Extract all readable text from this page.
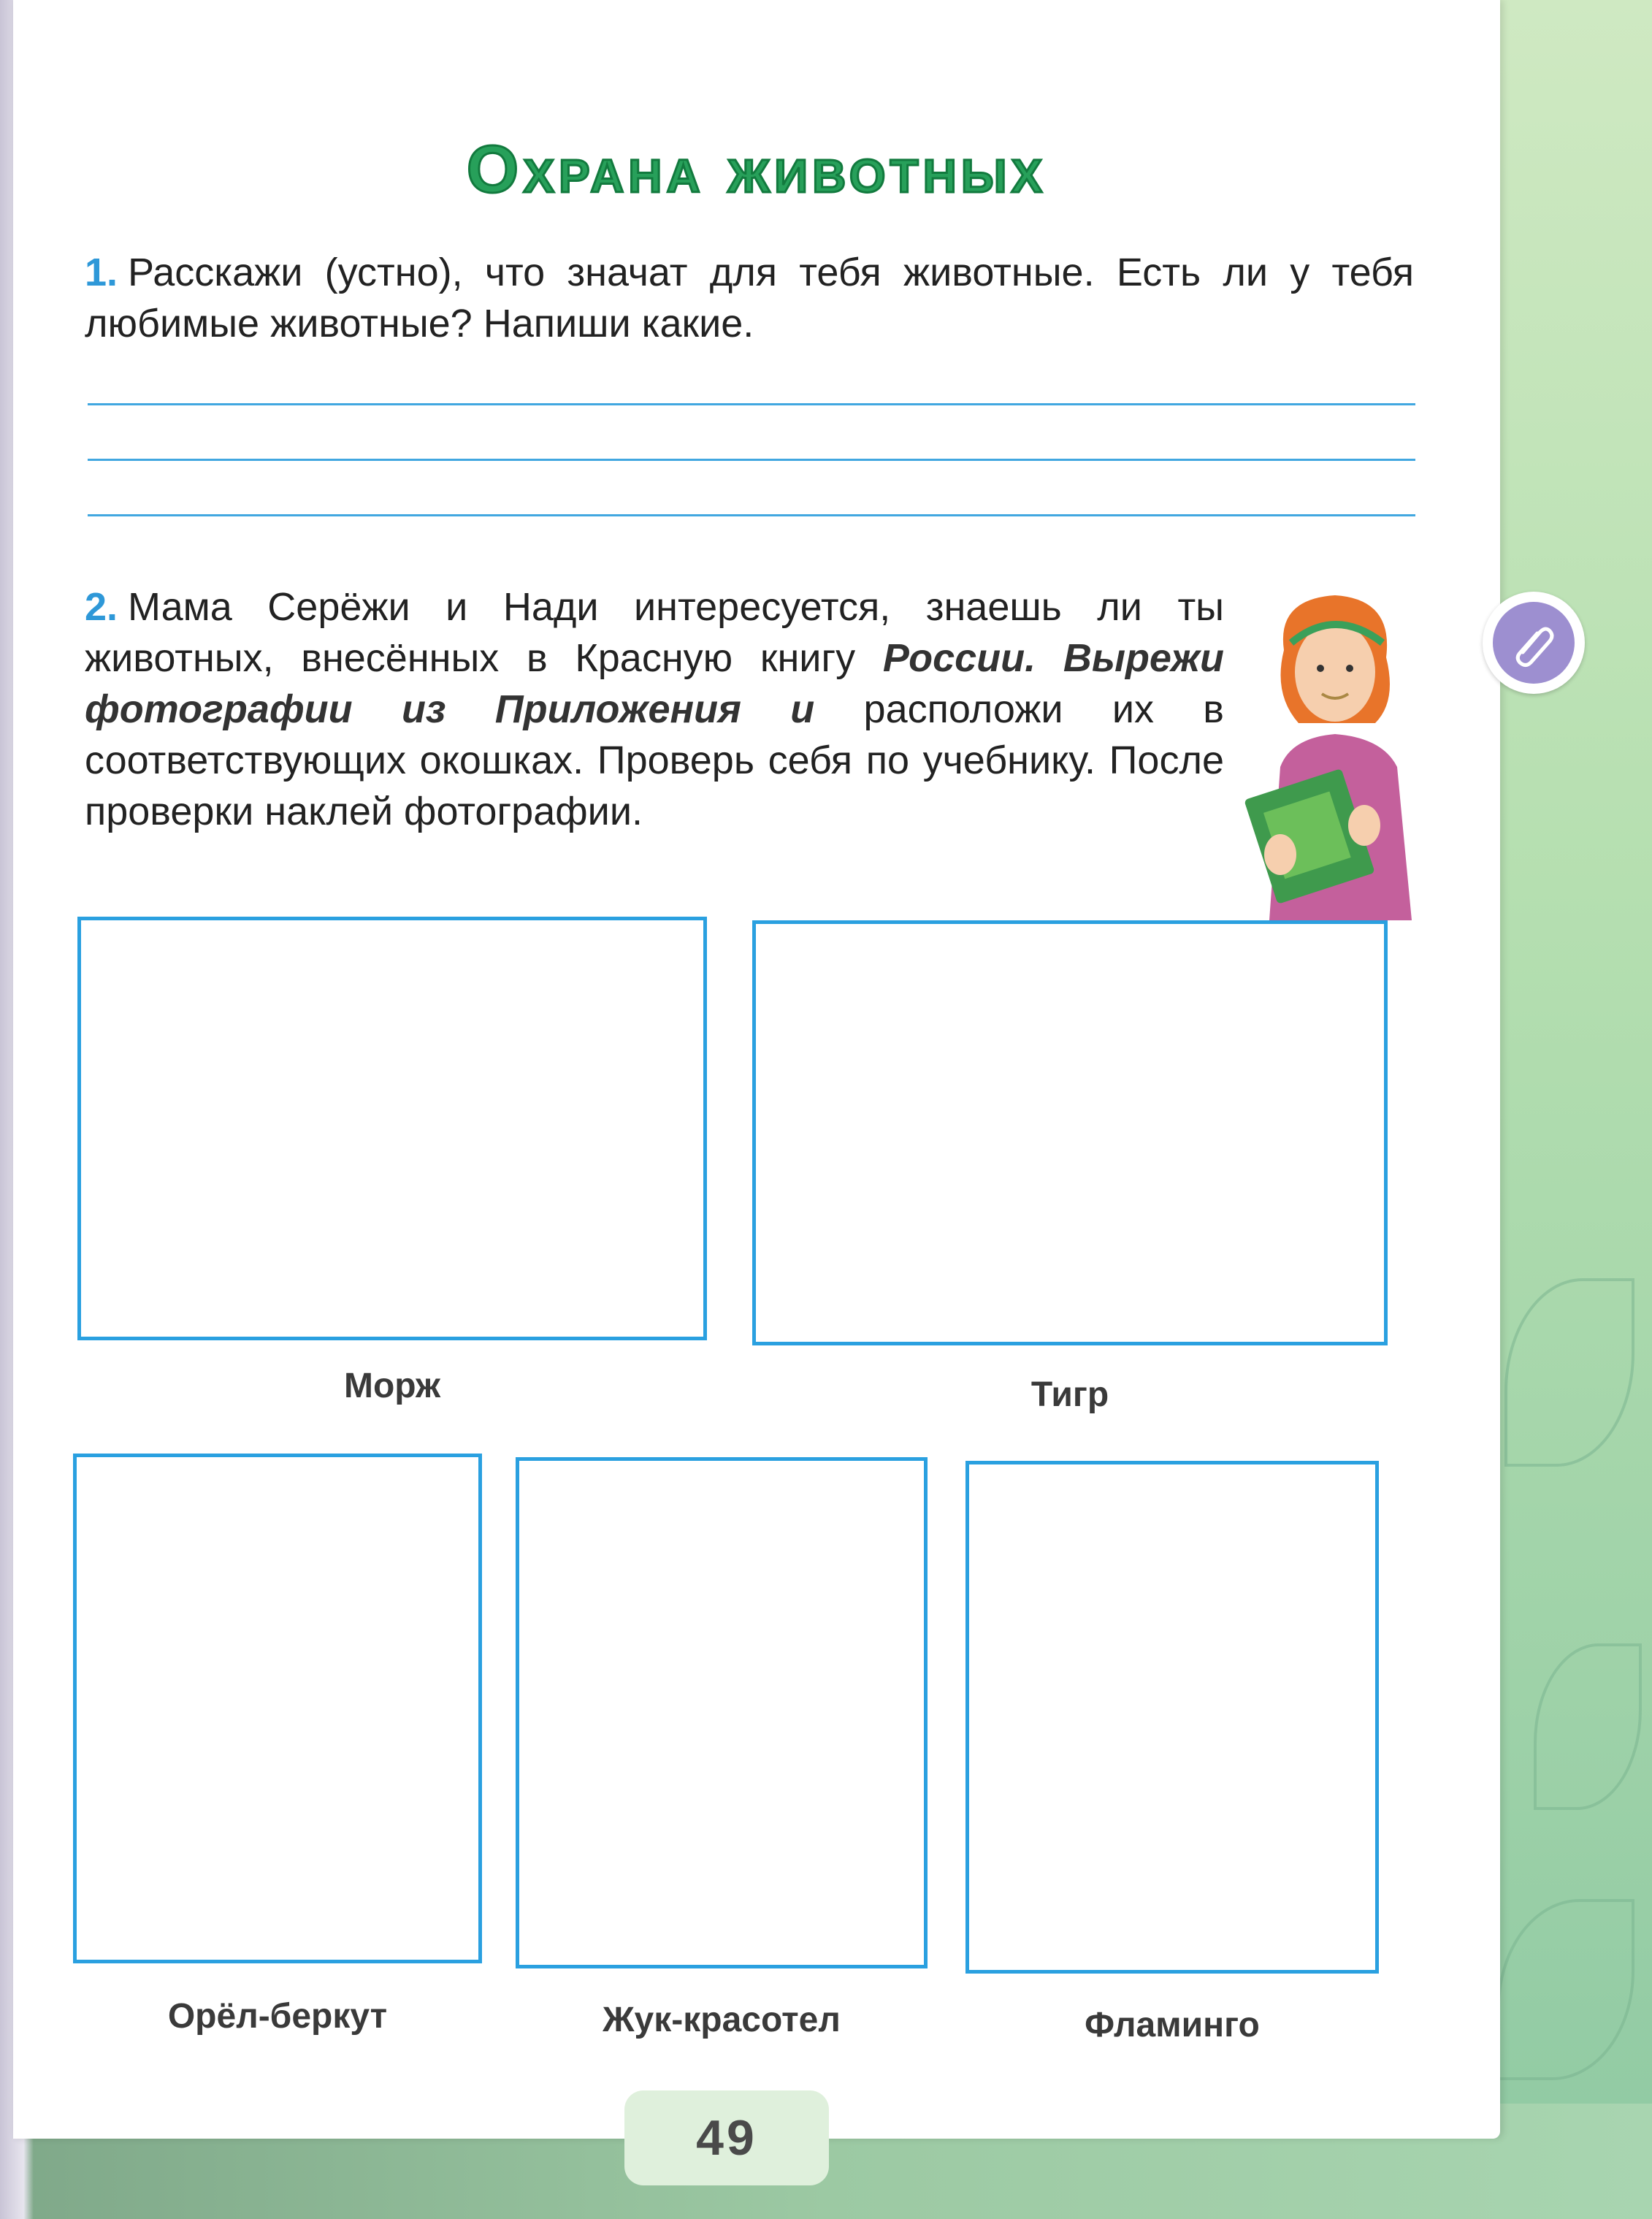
Охрана животных
1. Расскажи (устно), что значат для тебя животные. Есть ли у тебя любимые животные? Напиши какие.
2. Мама Серёжи и Нади интересуется, знаешь ли ты животных, внесённых в Красную книгу России. Вырежи фотографии из Приложения и расположи их в соответствующих окошках. Проверь себя по учебнику. После проверки наклей фотографии.
Морж	Тигр
Орёл-беркут	Жук-красотел	Фламинго
49
